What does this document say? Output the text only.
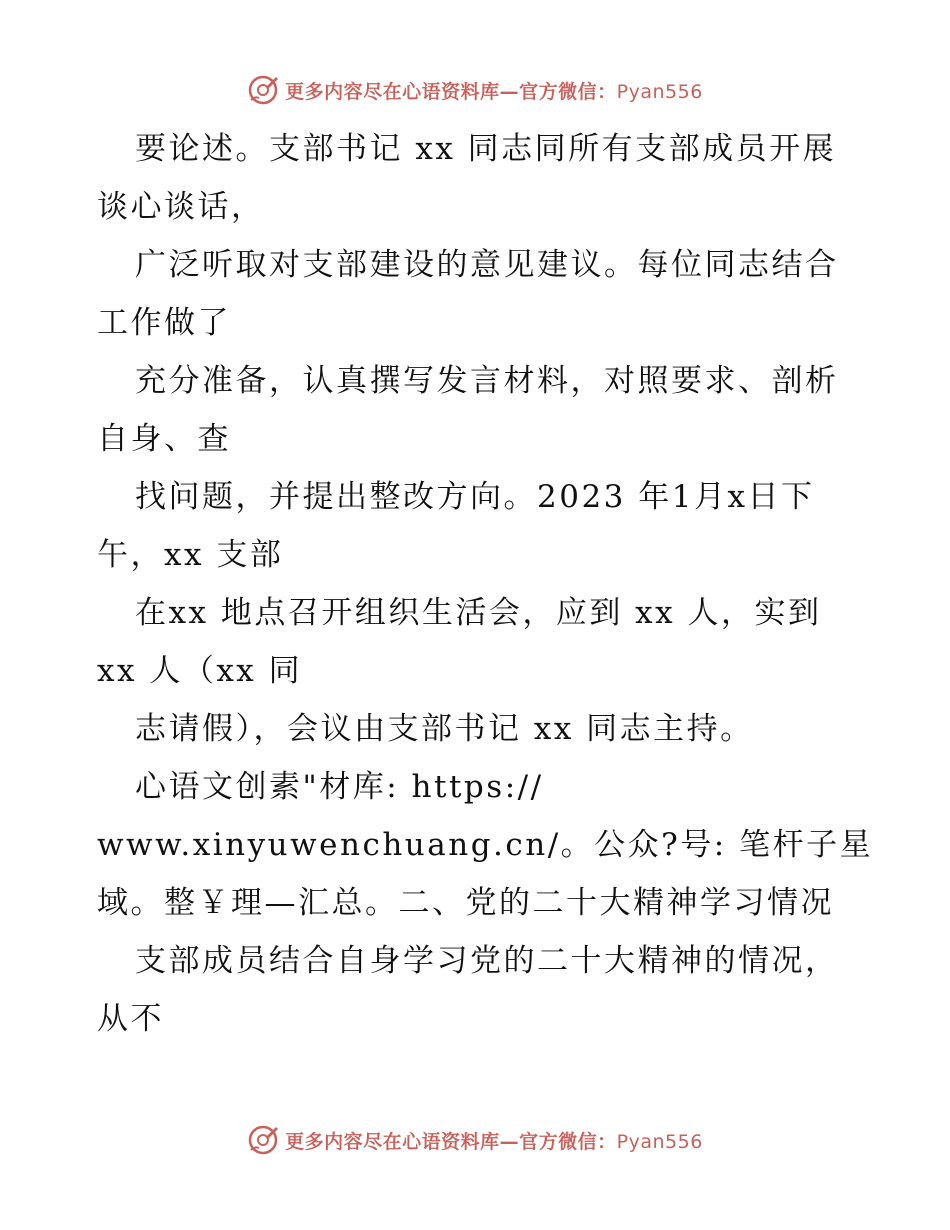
更多内容尽在心语资料库—官方微信：Pyan556
要论述。支部书记 xx 同志同所有支部成员开展
谈心谈话，
广泛听取对支部建设的意见建议。每位同志结合
工作做了
充分准备，认真撰写发言材料，对照要求、剖析
自身、查
找问题，并提出整改方向。2023 年1月x日下
午，xx 支部
在xx 地点召开组织生活会，应到 xx 人，实到
xx 人（xx 同
志请假），会议由支部书记 xx 同志主持。
心语文创素"材库: https://
www.xinyuwenchuang.cn/。公众?号: 笔杆子星
域。整￥理—汇总。二、党的二十大精神学习情况
支部成员结合自身学习党的二十大精神的情况，
从不
更多内容尽在心语资料库—官方微信：Pyan556
